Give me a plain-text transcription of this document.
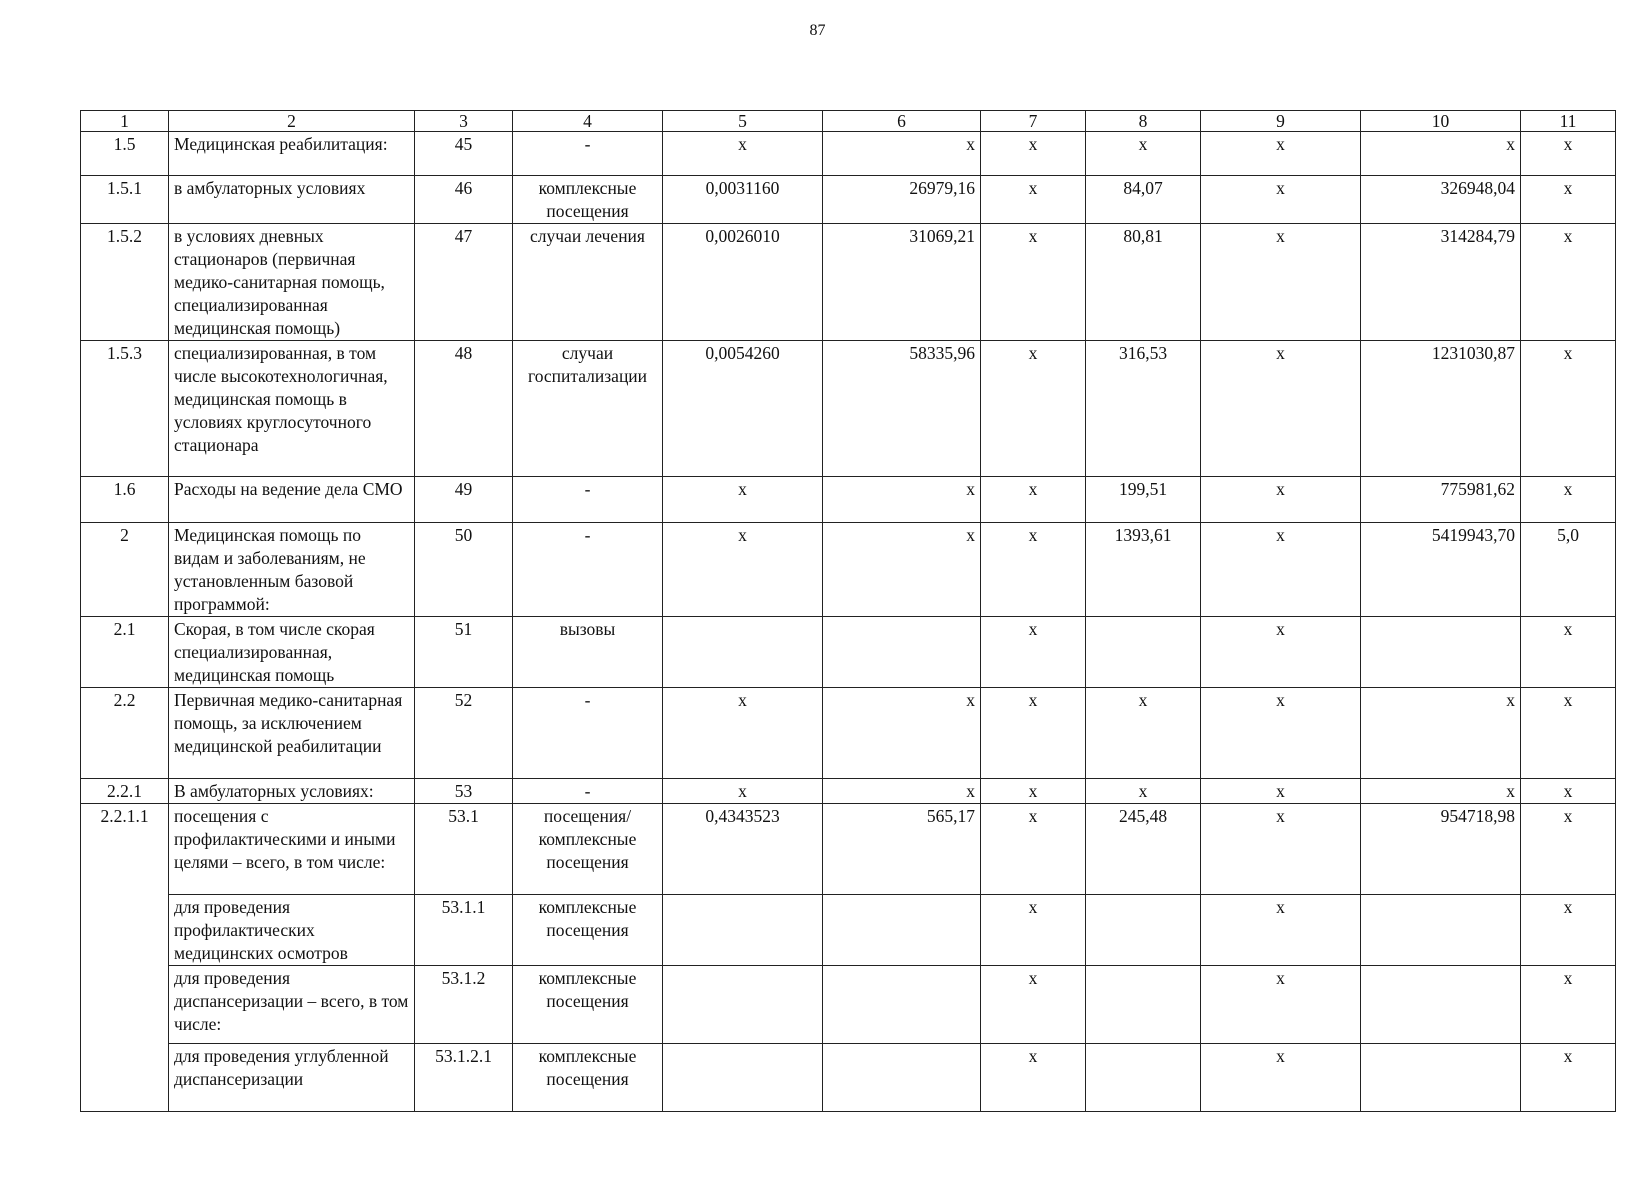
87
1	2	3	4	5	6	7	8	9	10	11
1.5	Медицинская реабилитация:	45	-	х	х	х	х	х	х	х
1.5.1	в амбулаторных условиях	46	комплексные посещения	0,0031160	26979,16	х	84,07	х	326948,04	х
1.5.2	в условиях дневных стационаров (первичная медико-санитарная помощь, специализированная медицинская помощь)	47	случаи лечения	0,0026010	31069,21	х	80,81	х	314284,79	х
1.5.3	специализированная, в том числе высокотехнологичная, медицинская помощь в условиях круглосуточного стационара	48	случаи госпитализации	0,0054260	58335,96	х	316,53	х	1231030,87	х
1.6	Расходы на ведение дела СМО	49	-	х	х	х	199,51	х	775981,62	х
2	Медицинская помощь по видам и заболеваниям, не установленным базовой программой:	50	-	х	х	х	1393,61	х	5419943,70	5,0
2.1	Скорая, в том числе скорая специализированная, медицинская помощь	51	вызовы			х		х		х
2.2	Первичная медико-санитарная помощь, за исключением медицинской реабилитации	52	-	х	х	х	х	х	х	х
2.2.1	В амбулаторных условиях:	53	-	х	х	х	х	х	х	х
2.2.1.1	посещения с профилактическими и иными целями – всего, в том числе:	53.1	посещения/ комплексные посещения	0,4343523	565,17	х	245,48	х	954718,98	х
	для проведения профилактических медицинских осмотров	53.1.1	комплексные посещения			х		х		х
	для проведения диспансеризации – всего, в том числе:	53.1.2	комплексные посещения			х		х		х
	для проведения углубленной диспансеризации	53.1.2.1	комплексные посещения			х		х		х
